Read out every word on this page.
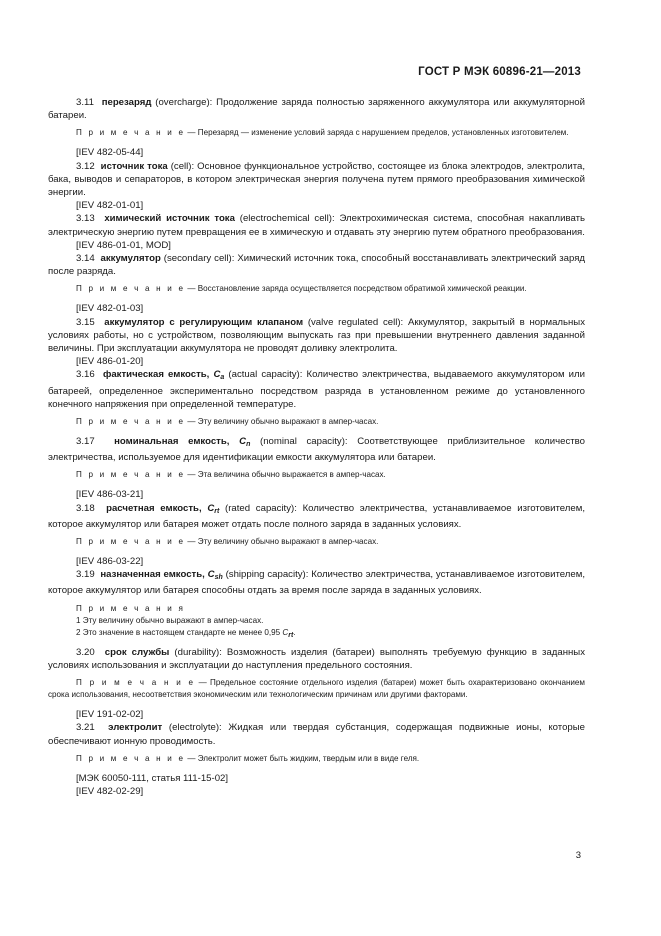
ГОСТ Р МЭК 60896-21—2013

3.11 перезаряд (overcharge): Продолжение заряда полностью заряженного аккумулятора или аккумуляторной батареи.

П р и м е ч а н и е — Перезаряд — изменение условий заряда с нарушением пределов, установленных изготовителем.

[IEV 482-05-44]

3.12 источник тока (cell): Основное функциональное устройство, состоящее из блока электродов, электролита, бака, выводов и сепараторов, в котором электрическая энергия получена путем прямого преобразования химической энергии.

[IEV 482-01-01]

3.13 химический источник тока (electrochemical cell): Электрохимическая система, способная накапливать электрическую энергию путем превращения ее в химическую и отдавать эту энергию путем обратного преобразования.

[IEV 486-01-01, MOD]

3.14 аккумулятор (secondary cell): Химический источник тока, способный восстанавливать электрический заряд после разряда.

П р и м е ч а н и е — Восстановление заряда осуществляется посредством обратимой химической реакции.

[IEV 482-01-03]

3.15 аккумулятор с регулирующим клапаном (valve regulated cell): Аккумулятор, закрытый в нормальных условиях работы, но с устройством, позволяющим выпускать газ при превышении внутреннего давления заданной величины. При эксплуатации аккумулятора не проводят доливку электролита.

[IEV 486-01-20]

3.16 фактическая емкость, $C_a$ (actual capacity): Количество электричества, выдаваемого аккумулятором или батареей, определенное экспериментально посредством разряда в установленном режиме до установленного конечного напряжения при определенной температуре.

П р и м е ч а н и е — Эту величину обычно выражают в ампер-часах.

3.17 номинальная емкость, $C_n$ (nominal capacity): Соответствующее приблизительное количество электричества, используемое для идентификации емкости аккумулятора или батареи.

П р и м е ч а н и е — Эта величина обычно выражается в ампер-часах.

[IEV 486-03-21]

3.18 расчетная емкость, $C_{rt}$ (rated capacity): Количество электричества, устанавливаемое изготовителем, которое аккумулятор или батарея может отдать после полного заряда в заданных условиях.

П р и м е ч а н и е — Эту величину обычно выражают в ампер-часах.

[IEV 486-03-22]

3.19 назначенная емкость, $C_{sh}$ (shipping capacity): Количество электричества, устанавливаемое изготовителем, которое аккумулятор или батарея способны отдать за время после заряда в заданных условиях.

П р и м е ч а н и я

1 Эту величину обычно выражают в ампер-часах.

2 Это значение в настоящем стандарте не менее 0,95 Crt.

3.20 срок службы (durability): Возможность изделия (батареи) выполнять требуемую функцию в заданных условиях использования и эксплуатации до наступления предельного состояния.

П р и м е ч а н и е — Предельное состояние отдельного изделия (батареи) может быть охарактеризовано окончанием срока использования, несоответствия экономическим или технологическим причинам или другими факторами.

[IEV 191-02-02]

3.21 электролит (electrolyte): Жидкая или твердая субстанция, содержащая подвижные ионы, которые обеспечивают ионную проводимость.

П р и м е ч а н и е — Электролит может быть жидким, твердым или в виде геля.

[МЭК 60050-111, статья 111-15-02]

[IEV 482-02-29]

3
